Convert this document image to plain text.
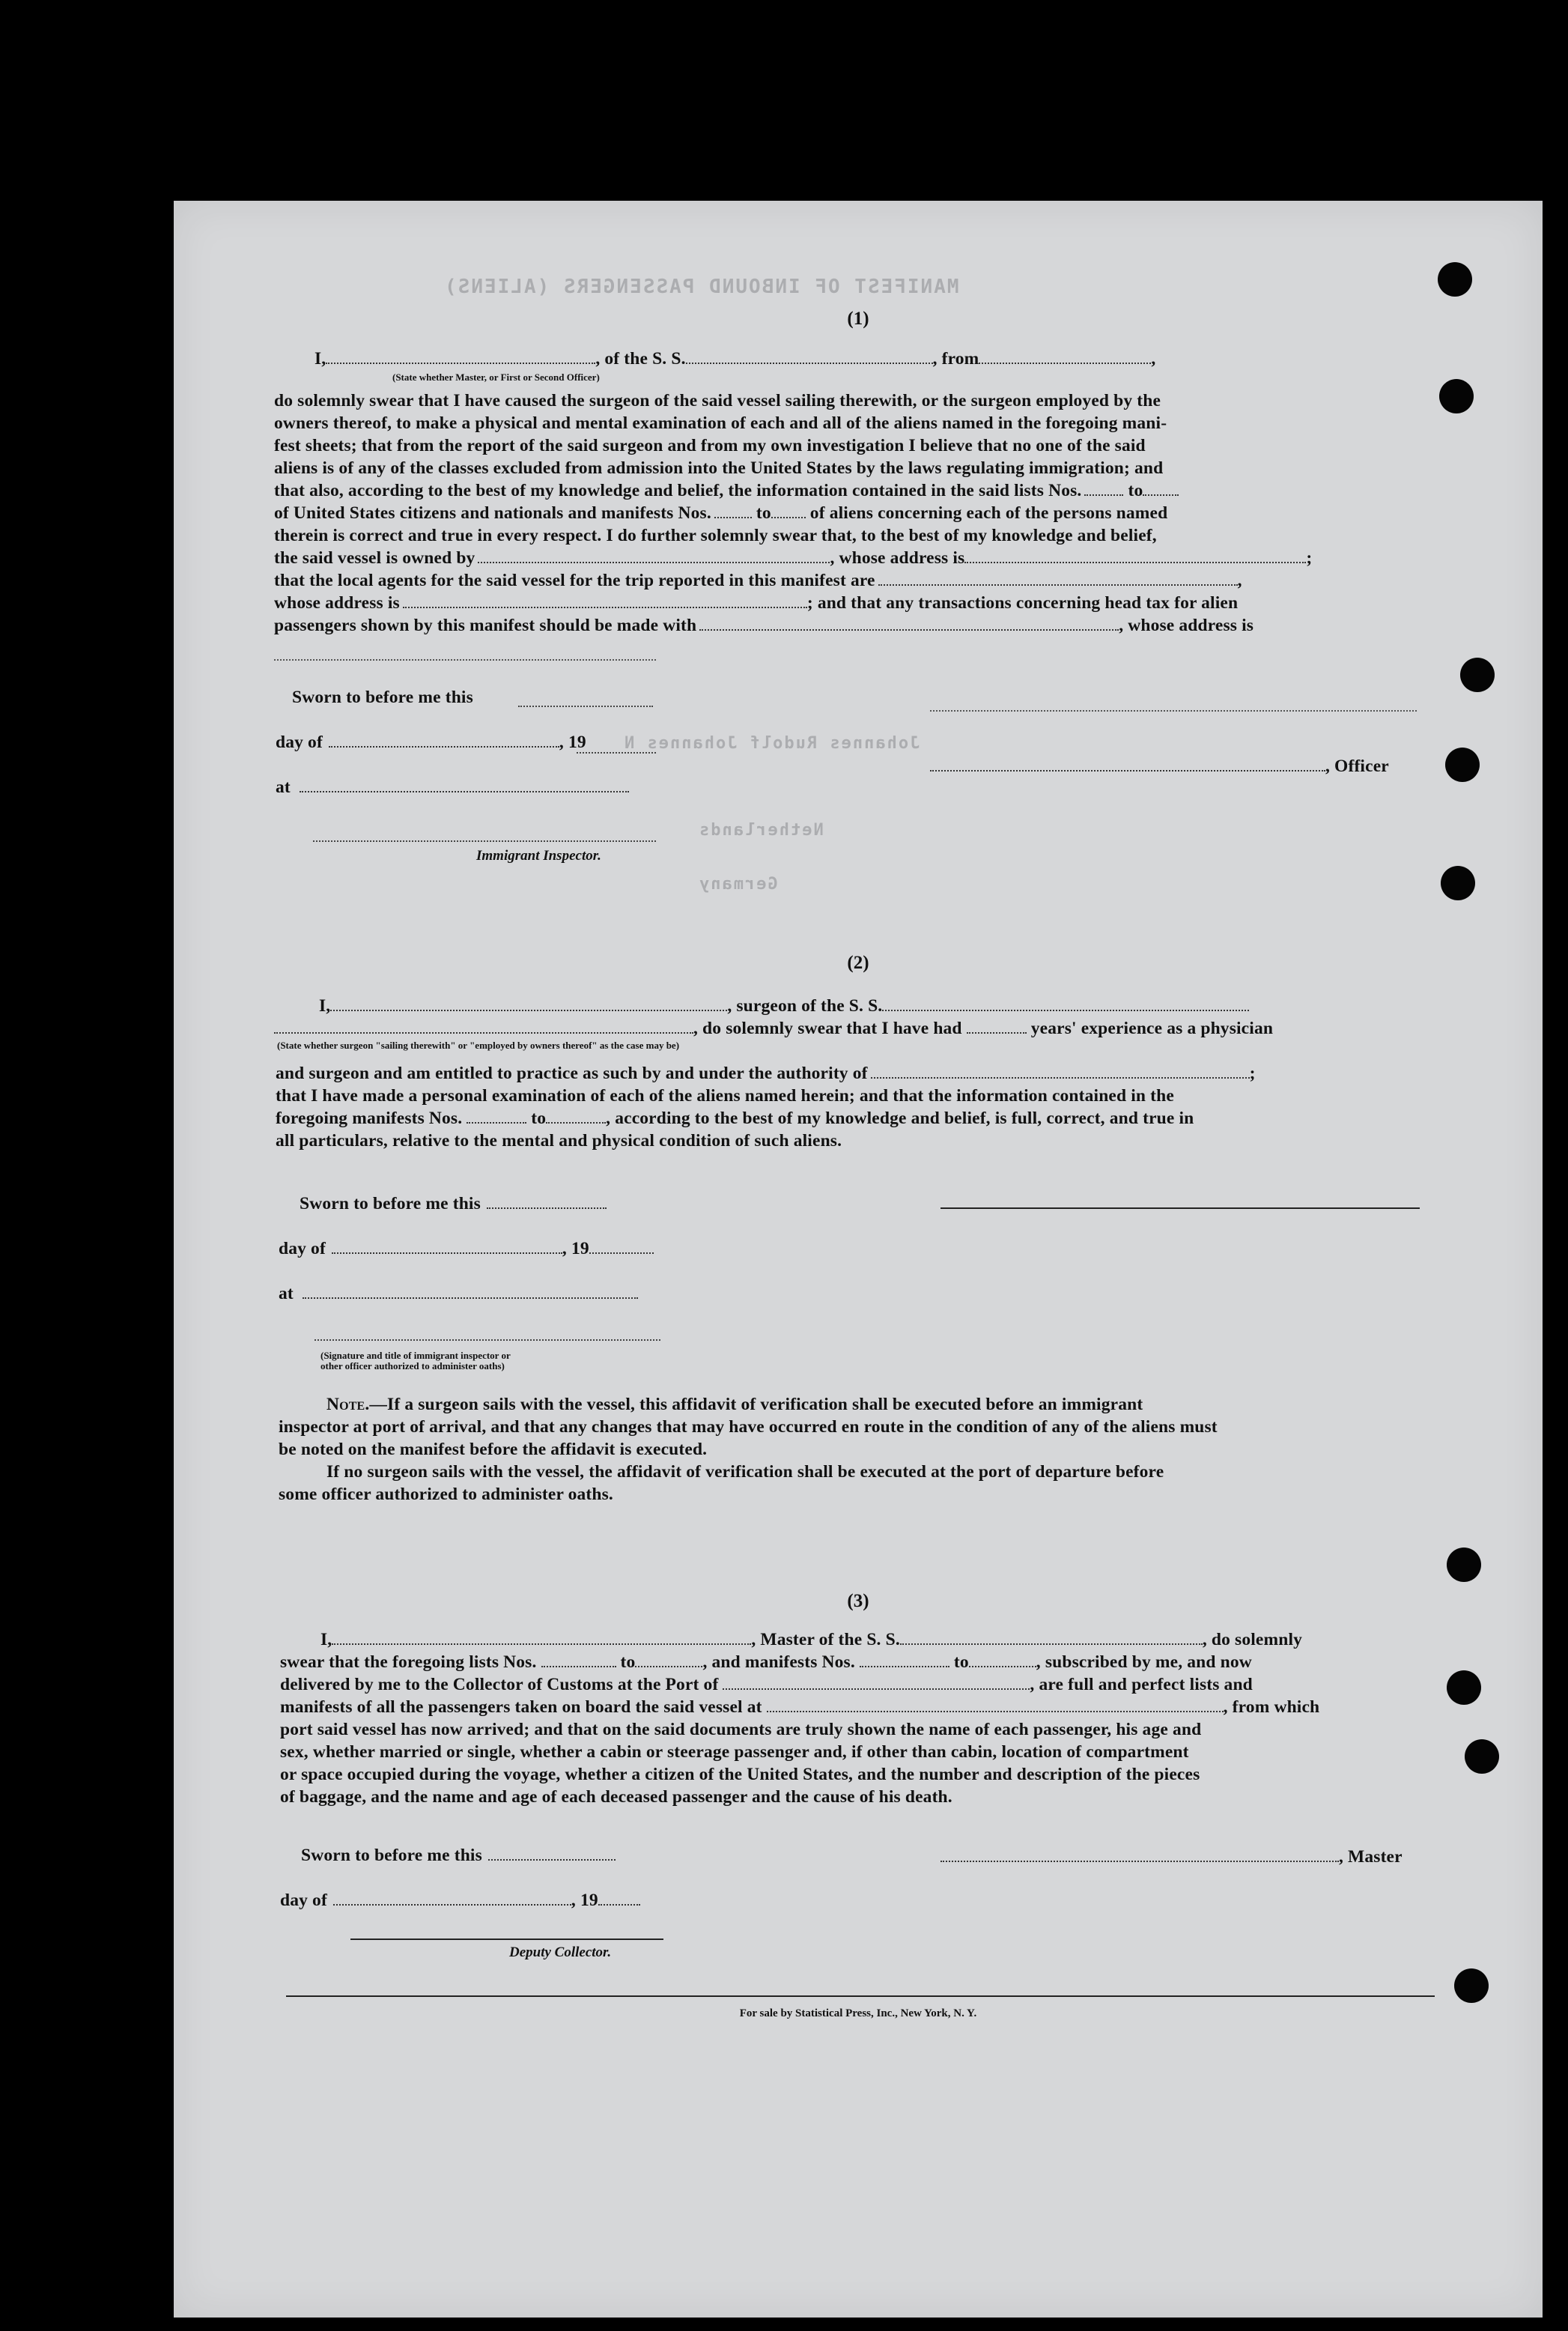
MANIFEST OF INBOUND PASSENGERS (ALIENS)
Johannes Rudolf Johannes N
Netherlands
Germany
(1)
I,	, of the S. S.	, from	,
(State whether Master, or First or Second Officer)
do solemnly swear that I have caused the surgeon of the said vessel sailing therewith, or the surgeon employed by the
owners thereof, to make a physical and mental examination of each and all of the aliens named in the foregoing mani-
fest sheets; that from the report of the said surgeon and from my own investigation I believe that no one of the said
aliens is of any of the classes excluded from admission into the United States by the laws regulating immigration; and
that also, according to the best of my knowledge and belief, the information contained in the said lists Nos.	to
of United States citizens and nationals and manifests Nos.	to of aliens concerning each of the persons named
therein is correct and true in every respect. I do further solemnly swear that, to the best of my knowledge and belief,
the said vessel is owned by	, whose address is	;
that the local agents for the said vessel for the trip reported in this manifest are	,
whose address is	; and that any transactions concerning head tax for alien
passengers shown by this manifest should be made with	, whose address is
Sworn to before me this
day of	, 19
at
, Officer
Immigrant Inspector.
(2)
I,	, surgeon of the S. S.
, do solemnly swear that I have had	years' experience as a physician
(State whether surgeon "sailing therewith" or "employed by owners thereof" as the case may be)
and surgeon and am entitled to practice as such by and under the authority of	;
that I have made a personal examination of each of the aliens named herein; and that the information contained in the
foregoing manifests Nos.	to	, according to the best of my knowledge and belief, is full, correct, and true in
all particulars, relative to the mental and physical condition of such aliens.
Sworn to before me this
day of	, 19
at
(Signature and title of immigrant inspector or
other officer authorized to administer oaths)
Note.—If a surgeon sails with the vessel, this affidavit of verification shall be executed before an immigrant
inspector at port of arrival, and that any changes that may have occurred en route in the condition of any of the aliens must
be noted on the manifest before the affidavit is executed.
If no surgeon sails with the vessel, the affidavit of verification shall be executed at the port of departure before
some officer authorized to administer oaths.
(3)
I,	, Master of the S. S.	, do solemnly
swear that the foregoing lists Nos.	to	, and manifests Nos.	to	, subscribed by me, and now
delivered by me to the Collector of Customs at the Port of	, are full and perfect lists and
manifests of all the passengers taken on board the said vessel at	, from which
port said vessel has now arrived; and that on the said documents are truly shown the name of each passenger, his age and
sex, whether married or single, whether a cabin or steerage passenger and, if other than cabin, location of compartment
or space occupied during the voyage, whether a citizen of the United States, and the number and description of the pieces
of baggage, and the name and age of each deceased passenger and the cause of his death.
Sworn to before me this	, Master
day of	, 19
Deputy Collector.
For sale by Statistical Press, Inc., New York, N. Y.
